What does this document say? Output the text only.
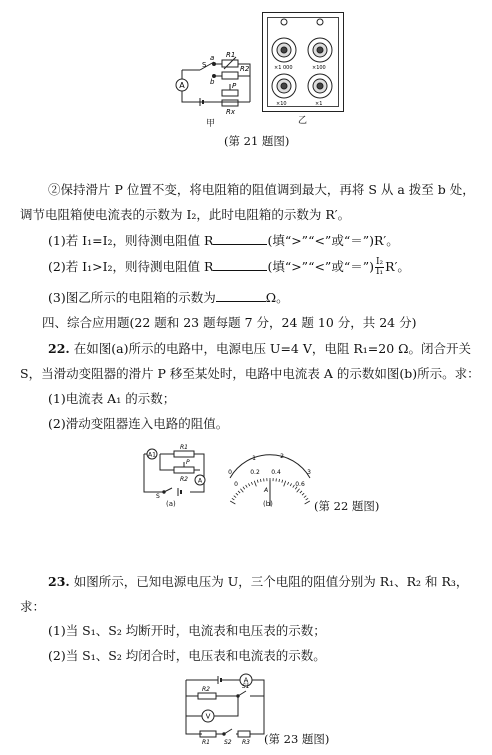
A
S
a
b
R1
R2
P
Rx
甲
×1 000	×100
×10	×1
乙
(第 21 题图)
②保持滑片 P 位置不变，将电阻箱的阻值调到最大，再将 S 从 a 拨至 b 处，
调节电阻箱使电流表的示数为 I₂，此时电阻箱的示数为 R′。
(1)若 I₁=I₂，则待测电阻值 R	(填“>”“<”或“＝”)R′。
(2)若 I₁>I₂，则待测电阻值 R	(填“>”“<”或“＝”) $\frac{\text{I₂}}{\text{I₁}} R'$。
(3)图乙所示的电阻箱的示数为	Ω。
四、综合应用题(22 题和 23 题每题 7 分，24 题 10 分，共 24 分)
22. 在如图(a)所示的电路中，电源电压 U=4 V，电阻 R₁=20 Ω。闭合开关
S，当滑动变阻器的滑片 P 移至某处时，电路中电流表 A 的示数如图(b)所示。求：
(1)电流表 A₁ 的示数；
(2)滑动变阻器连入电路的阻值。
A1
A
R1
P
R2
S
(a)
0
1	2
3
0
0.2 0.4
0.6
A
(b)	(第 22 题图)
23. 如图所示，已知电源电压为 U，三个电阻的阻值分别为 R₁、R₂ 和 R₃，
求：
(1)当 S₁、S₂ 均断开时，电流表和电压表的示数；
(2)当 S₁、S₂ 均闭合时，电压表和电流表的示数。
A
V
R2	S1
R1 S2 R3 (第 23 题图)
